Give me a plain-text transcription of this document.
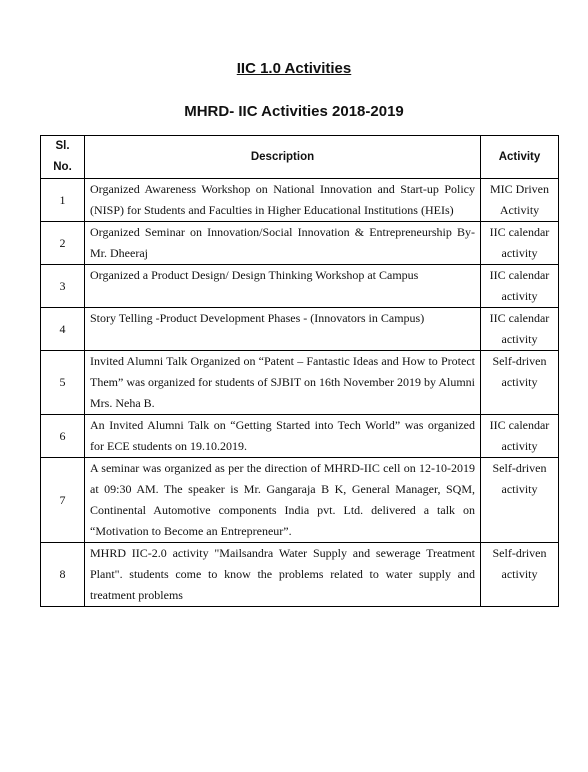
IIC 1.0 Activities
MHRD- IIC Activities 2018-2019
Sl. No.	Description	Activity
1	Organized Awareness Workshop on National Innovation and Start-up Policy (NISP) for Students and Faculties in Higher Educational Institutions (HEIs)	MIC Driven Activity
2	Organized Seminar on Innovation/Social Innovation & Entrepreneurship By- Mr. Dheeraj	IIC calendar activity
3	Organized a Product Design/ Design Thinking Workshop at Campus	IIC calendar activity
4	Story Telling -Product Development Phases - (Innovators in Campus)	IIC calendar activity
5	Invited Alumni Talk Organized on “Patent – Fantastic Ideas and How to Protect Them” was organized for students of SJBIT on 16th November 2019 by Alumni Mrs. Neha B.	Self-driven activity
6	An Invited Alumni Talk on “Getting Started into Tech World” was organized for ECE students on 19.10.2019.	IIC calendar activity
7	A seminar was organized as per the direction of MHRD-IIC cell on 12-10-2019 at 09:30 AM. The speaker is Mr. Gangaraja B K, General Manager, SQM, Continental Automotive components India pvt. Ltd. delivered a talk on “Motivation to Become an Entrepreneur”.	Self-driven activity
8	MHRD IIC-2.0 activity "Mailsandra Water Supply and sewerage Treatment Plant". students come to know the problems related to water supply and treatment problems	Self-driven activity
